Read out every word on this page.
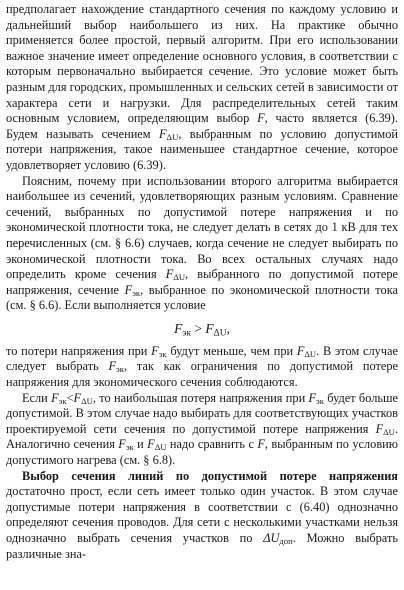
предполагает нахождение стандартного сечения по каждому условию и дальнейший выбор наибольшего из них. На практике обычно применяется более простой, первый алгоритм. При его использовании важное значение имеет определение основного условия, в соответствии с которым первоначально выбирается сечение. Это условие может быть разным для городских, промышленных и сельских сетей в зависимости от характера сети и нагрузки. Для распределительных сетей таким основным условием, определяющим выбор F, часто является (6.39). Будем называть сечением $F_{\Delta U}$, выбранным по условию допустимой потери напряжения, такое наименьшее стандартное сечение, которое удовлетворяет условию (6.39).

Поясним, почему при использовании второго алгоритма выбирается наибольшее из сечений, удовлетворяющих разным условиям. Сравнение сечений, выбранных по допустимой потере напряжения и по экономической плотности тока, не следует делать в сетях до 1 кВ для тех перечисленных (см. § 6.6) случаев, когда сечение не следует выбирать по экономической плотности тока. Во всех остальных случаях надо определить кроме сечения $F_{\Delta U}$, выбранного по допустимой потере напряжения, сечение $F_{эк}$, выбранное по экономической плотности тока (см. § 6.6). Если выполняется условие

$F_{эк} > F_{\Delta U}$,

то потери напряжения при $F_{эк}$ будут меньше, чем при $F_{\Delta U}$. В этом случае следует выбрать $F_{эк}$, так как ограничения по допустимой потере напряжения для экономического сечения соблюдаются.

Если $F_{эк}<F_{\Delta U}$, то наибольшая потеря напряжения при $F_{эк}$ будет больше допустимой. В этом случае надо выбирать для соответствующих участков проектируемой сети сечения по допустимой потере напряжения $F_{\Delta U}$. Аналогично сечения $F_{эк}$ и $F_{\Delta U}$ надо сравнить с F, выбранным по условию допустимого нагрева (см. § 6.8).

Выбор сечения линий по допустимой потере напряжения достаточно прост, если сеть имеет только один участок. В этом случае допустимые потери напряжения в соответствии с (6.40) однозначно определяют сечения проводов. Для сети с несколькими участками нельзя однозначно выбрать сечения участков по $\Delta U_{доп}$. Можно выбрать различные зна-
